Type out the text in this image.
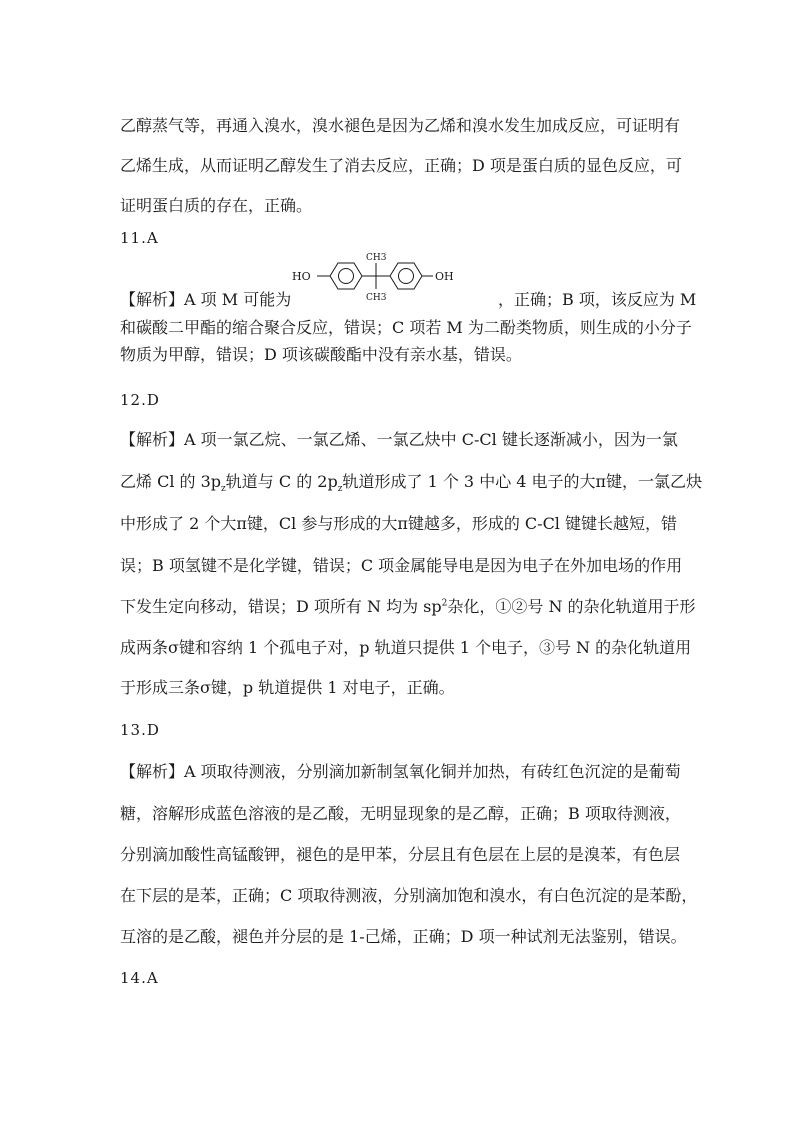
乙醇蒸气等，再通入溴水，溴水褪色是因为乙烯和溴水发生加成反应，可证明有
乙烯生成，从而证明乙醇发生了消去反应，正确；D 项是蛋白质的显色反应，可
证明蛋白质的存在，正确。
11.A
HO	OH
CH3
CH3
【解析】A 项 M 可能为	，正确；B 项，该反应为 M
和碳酸二甲酯的缩合聚合反应，错误；C 项若 M 为二酚类物质，则生成的小分子
物质为甲醇，错误；D 项该碳酸酯中没有亲水基，错误。
12.D
【解析】A 项一氯乙烷、一氯乙烯、一氯乙炔中 C-Cl 键长逐渐减小，因为一氯
乙烯 Cl 的 $3p_z$轨道与 C 的 $2p_z$轨道形成了 1 个 3 中心 4 电子的大π键，一氯乙炔
中形成了 2 个大π键，Cl 参与形成的大π键越多，形成的 C-Cl 键键长越短，错
误；B 项氢键不是化学键，错误；C 项金属能导电是因为电子在外加电场的作用
下发生定向移动，错误；D 项所有 N 均为 $sp^2$杂化，①②号 N 的杂化轨道用于形
成两条σ键和容纳 1 个孤电子对，p 轨道只提供 1 个电子，③号 N 的杂化轨道用
于形成三条σ键，p 轨道提供 1 对电子，正确。
13.D
【解析】A 项取待测液，分别滴加新制氢氧化铜并加热，有砖红色沉淀的是葡萄
糖，溶解形成蓝色溶液的是乙酸，无明显现象的是乙醇，正确；B 项取待测液，
分别滴加酸性高锰酸钾，褪色的是甲苯，分层且有色层在上层的是溴苯，有色层
在下层的是苯，正确；C 项取待测液，分别滴加饱和溴水，有白色沉淀的是苯酚，
互溶的是乙酸，褪色并分层的是 1-己烯，正确；D 项一种试剂无法鉴别，错误。
14.A
